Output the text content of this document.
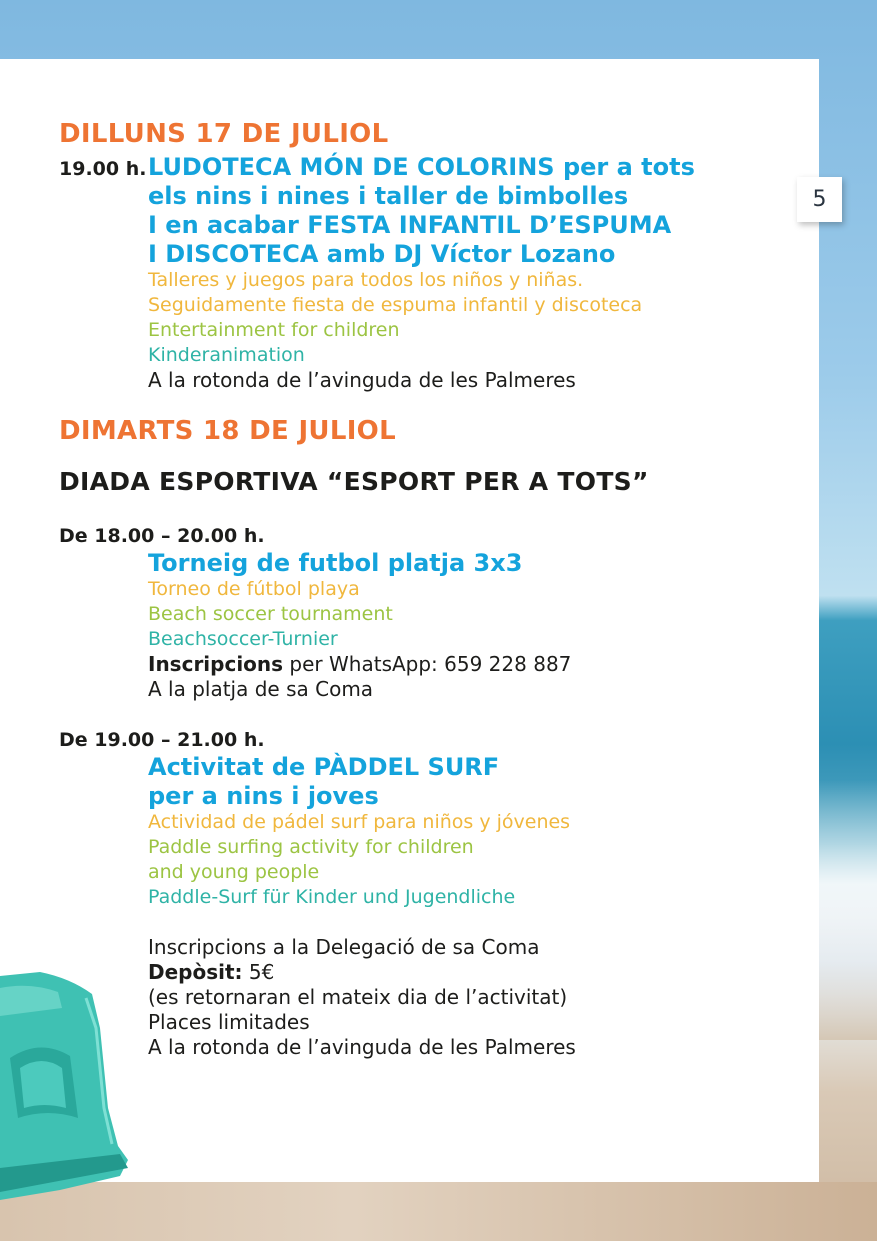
5
DILLUNS 17 DE JULIOL
19.00 h. LUDOTECA MÓN DE COLORINS per a tots
els nins i nines i taller de bimbolles
I en acabar FESTA INFANTIL D’ESPUMA
I DISCOTECA amb DJ Víctor Lozano
Talleres y juegos para todos los niños y niñas.
Seguidamente fiesta de espuma infantil y discoteca
Entertainment for children
Kinderanimation
A la rotonda de l’avinguda de les Palmeres
DIMARTS 18 DE JULIOL
DIADA ESPORTIVA “ESPORT PER A TOTS”
De 18.00 – 20.00 h.
Torneig de futbol platja 3x3
Torneo de fútbol playa
Beach soccer tournament
Beachsoccer-Turnier
Inscripcions per WhatsApp: 659 228 887
A la platja de sa Coma
De 19.00 – 21.00 h.
Activitat de PÀDDEL SURF
per a nins i joves
Actividad de pádel surf para niños y jóvenes
Paddle surfing activity for children
and young people
Paddle-Surf für Kinder und Jugendliche
Inscripcions a la Delegació de sa Coma
Depòsit: 5€
(es retornaran el mateix dia de l’activitat)
Places limitades
A la rotonda de l’avinguda de les Palmeres
